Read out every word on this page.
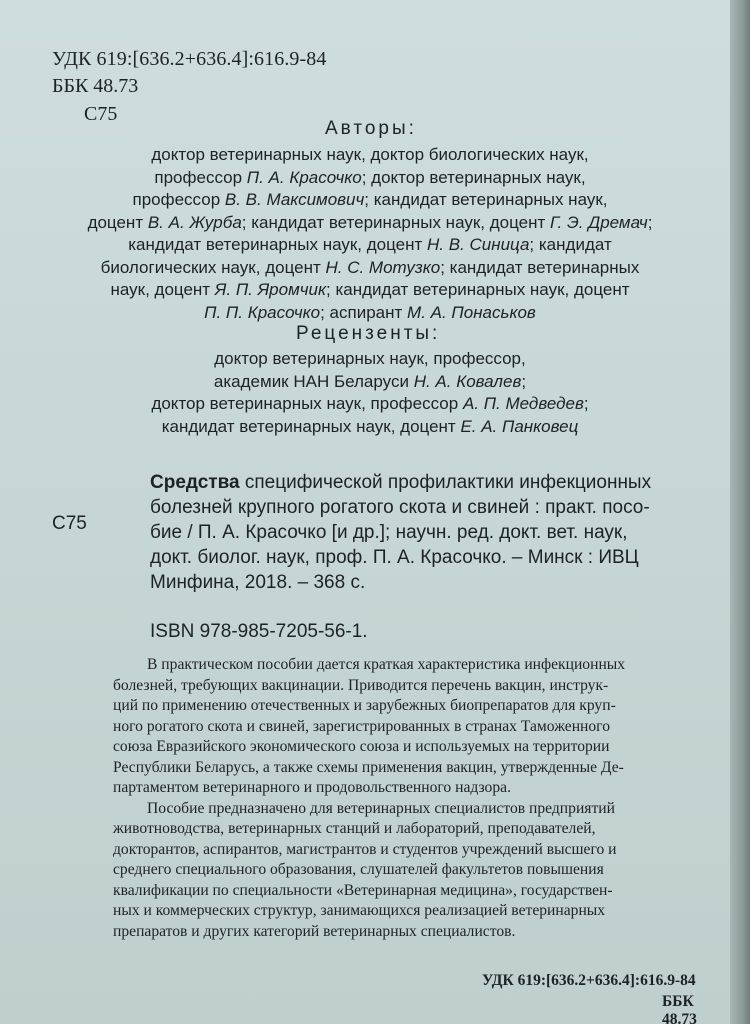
УДК 619:[636.2+636.4]:616.9-84
ББК 48.73
С75
Авторы:
доктор ветеринарных наук, доктор биологических наук,
профессор П. А. Красочко; доктор ветеринарных наук,
профессор В. В. Максимович; кандидат ветеринарных наук,
доцент В. А. Журба; кандидат ветеринарных наук, доцент Г. Э. Дремач;
кандидат ветеринарных наук, доцент Н. В. Синица; кандидат
биологических наук, доцент Н. С. Мотузко; кандидат ветеринарных
наук, доцент Я. П. Яромчик; кандидат ветеринарных наук, доцент
П. П. Красочко; аспирант М. А. Понаськов
Рецензенты:
доктор ветеринарных наук, профессор,
академик НАН Беларуси Н. А. Ковалев;
доктор ветеринарных наук, профессор А. П. Медведев;
кандидат ветеринарных наук, доцент Е. А. Панковец
С75
Средства специфической профилактики инфекционных
болезней крупного рогатого скота и свиней : практ. посо-
бие / П. А. Красочко [и др.]; научн. ред. докт. вет. наук,
докт. биолог. наук, проф. П. А. Красочко. – Минск : ИВЦ
Минфина, 2018. – 368 с.
ISBN 978-985-7205-56-1.
В практическом пособии дается краткая характеристика инфекционных
болезней, требующих вакцинации. Приводится перечень вакцин, инструк-
ций по применению отечественных и зарубежных биопрепаратов для круп-
ного рогатого скота и свиней, зарегистрированных в странах Таможенного
союза Евразийского экономического союза и используемых на территории
Республики Беларусь, а также схемы применения вакцин, утвержденные Де-
партаментом ветеринарного и продовольственного надзора.
Пособие предназначено для ветеринарных специалистов предприятий
животноводства, ветеринарных станций и лабораторий, преподавателей,
докторантов, аспирантов, магистрантов и студентов учреждений высшего и
среднего специального образования, слушателей факультетов повышения
квалификации по специальности «Ветеринарная медицина», государствен-
ных и коммерческих структур, занимающихся реализацией ветеринарных
препаратов и других категорий ветеринарных специалистов.
УДК 619:[636.2+636.4]:616.9-84
ББК 48.73
